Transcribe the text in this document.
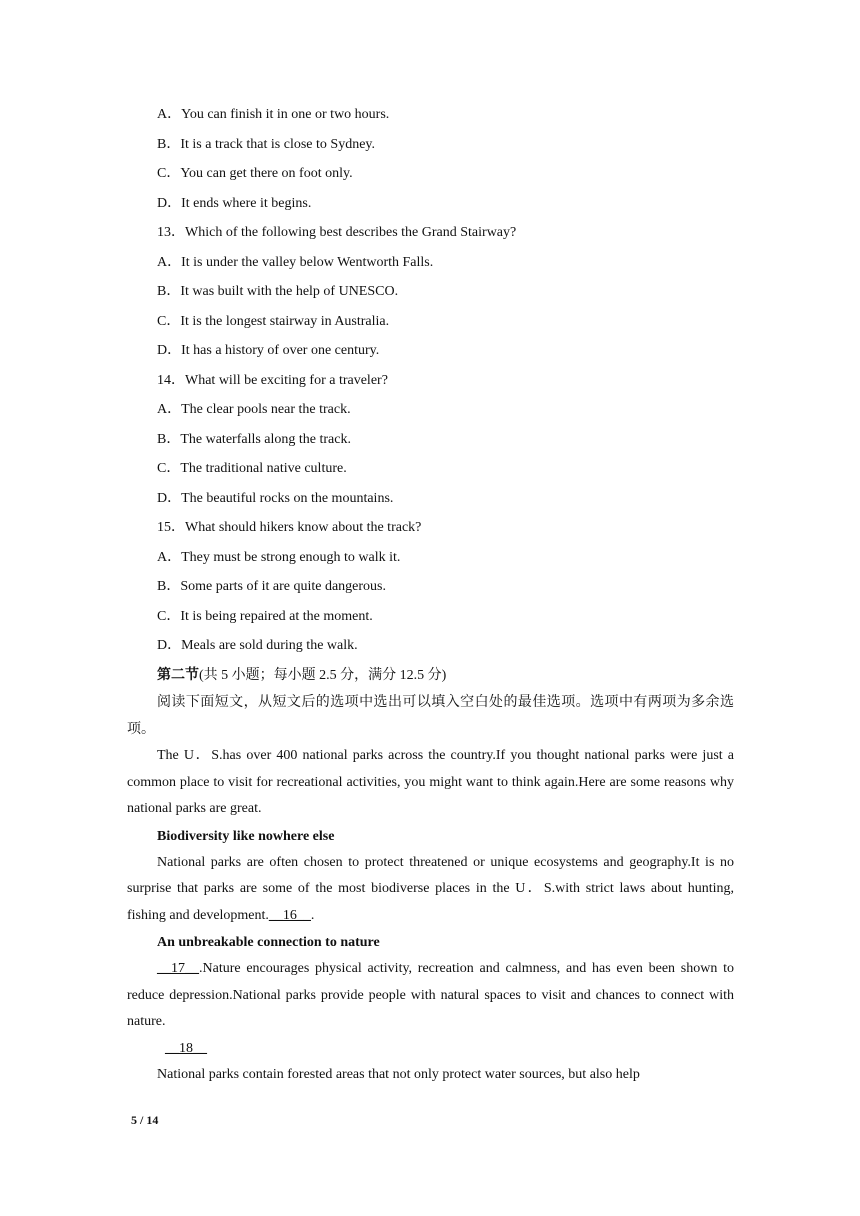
A．You can finish it in one or two hours.
B．It is a track that is close to Sydney.
C．You can get there on foot only.
D．It ends where it begins.
13．Which of the following best describes the Grand Stairway?
A．It is under the valley below Wentworth Falls.
B．It was built with the help of UNESCO.
C．It is the longest stairway in Australia.
D．It has a history of over one century.
14．What will be exciting for a traveler?
A．The clear pools near the track.
B．The waterfalls along the track.
C．The traditional native culture.
D．The beautiful rocks on the mountains.
15．What should hikers know about the track?
A．They must be strong enough to walk it.
B．Some parts of it are quite dangerous.
C．It is being repaired at the moment.
D．Meals are sold during the walk.
第二节(共 5 小题；每小题 2.5 分，满分 12.5 分)

阅读下面短文，从短文后的选项中选出可以填入空白处的最佳选项。选项中有两项为多余选项。

The U．S.has over 400 national parks across the country.If you thought national parks were just a common place to visit for recreational activities, you might want to think again.Here are some reasons why national parks are great.

Biodiversity like nowhere else

National parks are often chosen to protect threatened or unique ecosystems and geography.It is no surprise that parks are some of the most biodiverse places in the U．S.with strict laws about hunting, fishing and development.__16__.

An unbreakable connection to nature

__17__.Nature encourages physical activity, recreation and calmness, and has even been shown to reduce depression.National parks provide people with natural spaces to visit and chances to connect with nature.

__18__

National parks contain forested areas that not only protect water sources, but also help

5 / 14
